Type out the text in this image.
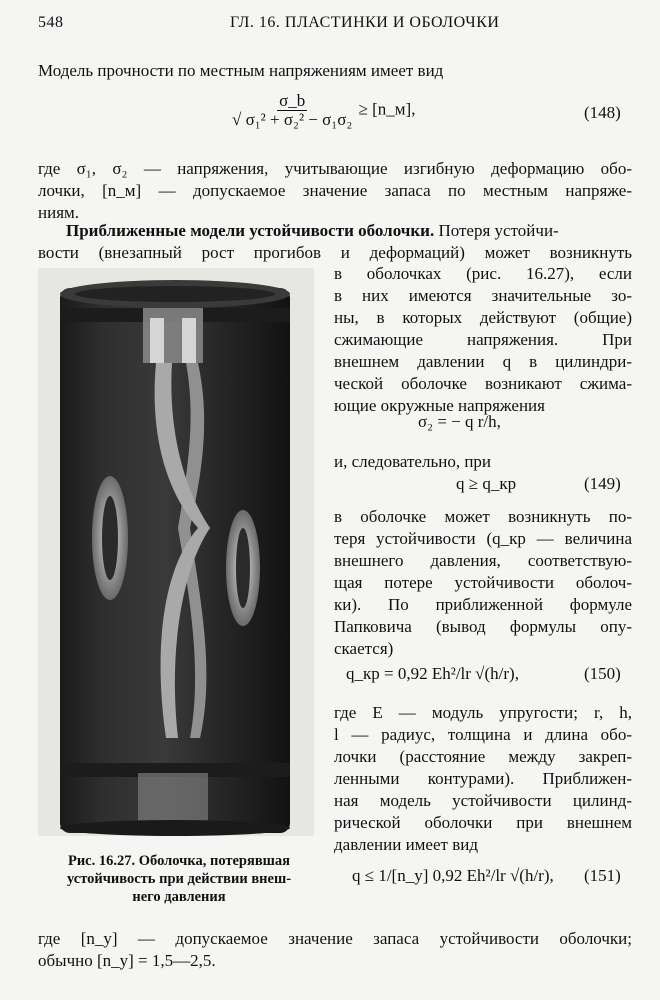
548	ГЛ. 16. ПЛАСТИНКИ И ОБОЛОЧКИ
Модель прочности по местным напряжениям имеет вид
$\frac{\sigma\_b}{\text{√ σ₁² + σ₂² − σ₁σ₂}}$ ≥ [n_м],	(148)
где σ₁, σ₂ — напряжения, учитывающие изгибную деформацию обо-
лочки, [n_м] — допускаемое значение запаса по местным напряже-
ниям.
Приближенные модели устойчивости оболочки. Потеря устойчи-
вости (внезапный рост прогибов и деформаций) может возникнуть
Рис. 16.27. Оболочка, потерявшая
устойчивость при действии внеш-
него давления
в оболочках (рис. 16.27), если
в них имеются значительные зо-
ны, в которых действуют (общие)
сжимающие напряжения. При
внешнем давлении q в цилиндри-
ческой оболочке возникают сжима-
ющие окружные напряжения
σ₂ = − q r/h,
и, следовательно, при
q ≥ q_кр	(149)
в оболочке может возникнуть по-
теря устойчивости (q_кр — величина
внешнего давления, соответствую-
щая потере устойчивости оболоч-
ки). По приближенной формуле
Папковича (вывод формулы опу-
скается)
q_кр = 0,92 Eh²/lr √(h/r),	(150)
где E — модуль упругости; r, h,
l — радиус, толщина и длина обо-
лочки (расстояние между закреп-
ленными контурами). Приближен-
ная модель устойчивости цилинд-
рической оболочки при внешнем
давлении имеет вид
q ≤ 1/[n_у] 0,92 Eh²/lr √(h/r), (151)
где [n_у] — допускаемое значение запаса устойчивости оболочки;
обычно [n_у] = 1,5—2,5.
